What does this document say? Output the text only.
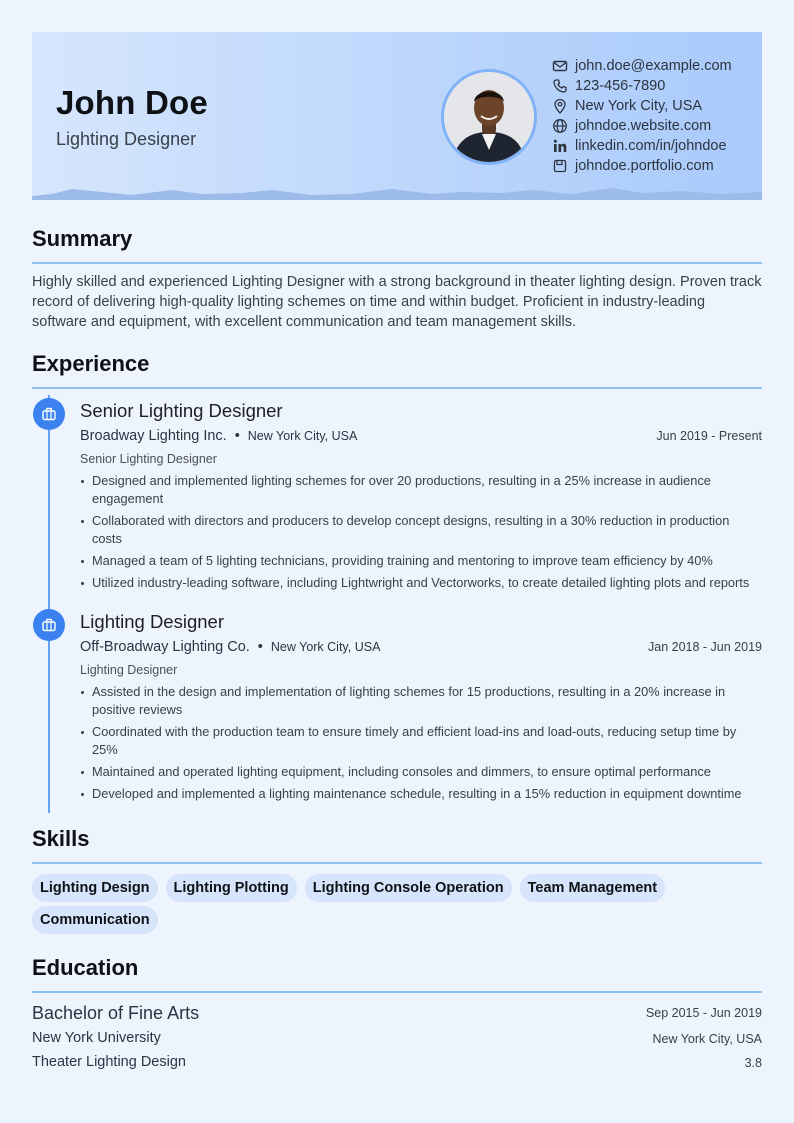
John Doe
Lighting Designer
john.doe@example.com
123-456-7890
New York City, USA
johndoe.website.com
linkedin.com/in/johndoe
johndoe.portfolio.com
Summary
Highly skilled and experienced Lighting Designer with a strong background in theater lighting design. Proven track record of delivering high-quality lighting schemes on time and within budget. Proficient in industry-leading software and equipment, with excellent communication and team management skills.
Experience
Senior Lighting Designer
Broadway Lighting Inc. • New York City, USA	Jun 2019 - Present
Senior Lighting Designer
Designed and implemented lighting schemes for over 20 productions, resulting in a 25% increase in audience engagement
Collaborated with directors and producers to develop concept designs, resulting in a 30% reduction in production costs
Managed a team of 5 lighting technicians, providing training and mentoring to improve team efficiency by 40%
Utilized industry-leading software, including Lightwright and Vectorworks, to create detailed lighting plots and reports
Lighting Designer
Off-Broadway Lighting Co. • New York City, USA	Jan 2018 - Jun 2019
Lighting Designer
Assisted in the design and implementation of lighting schemes for 15 productions, resulting in a 20% increase in positive reviews
Coordinated with the production team to ensure timely and efficient load-ins and load-outs, reducing setup time by 25%
Maintained and operated lighting equipment, including consoles and dimmers, to ensure optimal performance
Developed and implemented a lighting maintenance schedule, resulting in a 15% reduction in equipment downtime
Skills
Lighting Design	Lighting Plotting	Lighting Console Operation	Team Management
Communication
Education
Bachelor of Fine Arts	Sep 2015 - Jun 2019
New York University	New York City, USA
Theater Lighting Design	3.8
